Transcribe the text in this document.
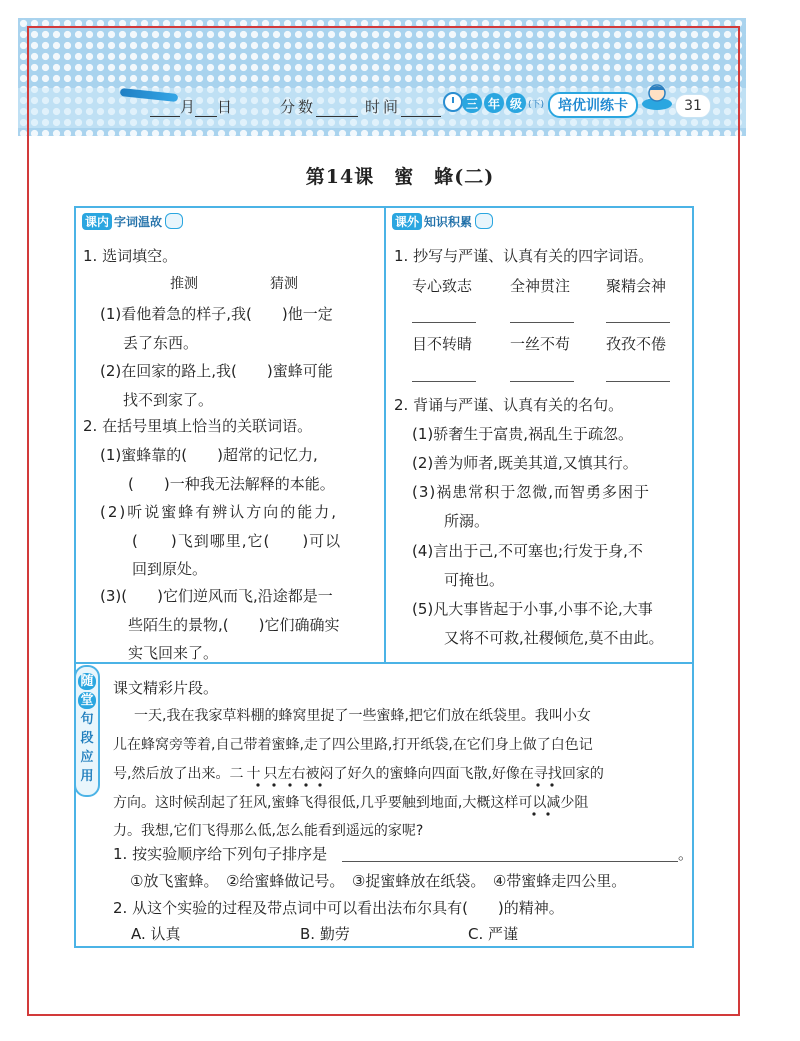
月 日	分数	时间	三 年 级 (下) 培优训练卡	31
第14课　蜜　蜂(二)
课内 字词温故
1. 选词填空。
推测	猜测
(1)看他着急的样子,我(　　)他一定
丢了东西。
(2)在回家的路上,我(　　)蜜蜂可能
找不到家了。
2. 在括号里填上恰当的关联词语。
(1)蜜蜂靠的(　　)超常的记忆力,
(　　)一种我无法解释的本能。
(2)听说蜜蜂有辨认方向的能力,
(　　)飞到哪里,它(　　)可以
回到原处。
(3)(　　)它们逆风而飞,沿途都是一
些陌生的景物,(　　)它们确确实
实飞回来了。
课外 知识积累
1. 抄写与严谨、认真有关的四字词语。
专心致志	全神贯注 聚精会神
目不转睛	一丝不苟 孜孜不倦
2. 背诵与严谨、认真有关的名句。
(1)骄奢生于富贵,祸乱生于疏忽。
(2)善为师者,既美其道,又慎其行。
(3)祸患常积于忽微,而智勇多困于
所溺。
(4)言出于己,不可塞也;行发于身,不
可掩也。
(5)凡大事皆起于小事,小事不论,大事
又将不可救,社稷倾危,莫不由此。
随
堂
句
段
应
用
课文精彩片段。
一天,我在我家草料棚的蜂窝里捉了一些蜜蜂,把它们放在纸袋里。我叫小女
儿在蜂窝旁等着,自己带着蜜蜂,走了四公里路,打开纸袋,在它们身上做了白色记
号,然后放了出来。二十只左右被闷了好久的蜜蜂向四面飞散,好像在寻找回家的
方向。这时候刮起了狂风,蜜蜂飞得很低,几乎要触到地面,大概这样可以减少阻
力。我想,它们飞得那么低,怎么能看到遥远的家呢?
1. 按实验顺序给下列句子排序是	。
①放飞蜜蜂。　②给蜜蜂做记号。　③捉蜜蜂放在纸袋。　④带蜜蜂走四公里。
2. 从这个实验的过程及带点词中可以看出法布尔具有(　　)的精神。
A. 认真	B. 勤劳	C. 严谨
